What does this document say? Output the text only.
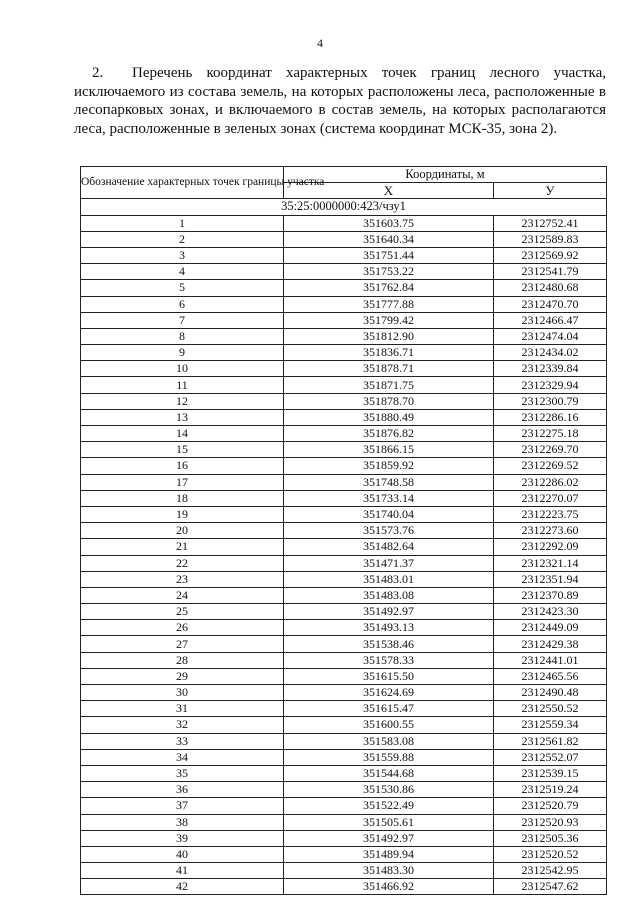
4

2. Перечень координат характерных точек границ лесного участка, исключаемого из состава земель, на которых расположены леса, расположенные в лесопарковых зонах, и включаемого в состав земель, на которых располагаются леса, расположенные в зеленых зонах (система координат МСК-35, зона 2).

Обозначение характерных точек границы участка	Координаты, м	
	X	У
35:25:0000000:423/чзу1		
1	351603.75	2312752.41
2	351640.34	2312589.83
3	351751.44	2312569.92
4	351753.22	2312541.79
5	351762.84	2312480.68
6	351777.88	2312470.70
7	351799.42	2312466.47
8	351812.90	2312474.04
9	351836.71	2312434.02
10	351878.71	2312339.84
11	351871.75	2312329.94
12	351878.70	2312300.79
13	351880.49	2312286.16
14	351876.82	2312275.18
15	351866.15	2312269.70
16	351859.92	2312269.52
17	351748.58	2312286.02
18	351733.14	2312270.07
19	351740.04	2312223.75
20	351573.76	2312273.60
21	351482.64	2312292.09
22	351471.37	2312321.14
23	351483.01	2312351.94
24	351483.08	2312370.89
25	351492.97	2312423.30
26	351493.13	2312449.09
27	351538.46	2312429.38
28	351578.33	2312441.01
29	351615.50	2312465.56
30	351624.69	2312490.48
31	351615.47	2312550.52
32	351600.55	2312559.34
33	351583.08	2312561.82
34	351559.88	2312552.07
35	351544.68	2312539.15
36	351530.86	2312519.24
37	351522.49	2312520.79
38	351505.61	2312520.93
39	351492.97	2312505.36
40	351489.94	2312520.52
41	351483.30	2312542.95
42	351466.92	2312547.62
